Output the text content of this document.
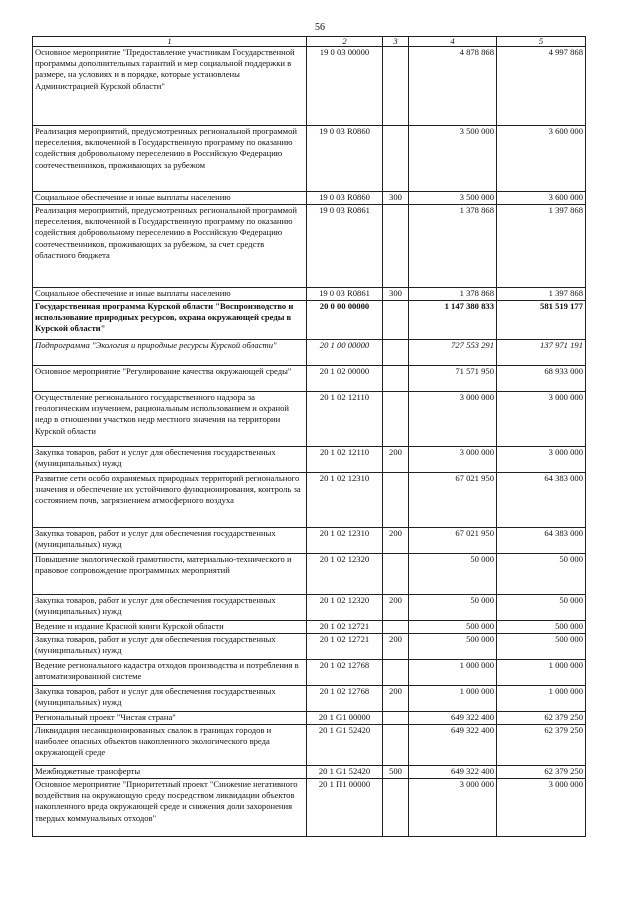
56
1	2	3	4	5
Основное мероприятие "Предоставление участникам Государственной программы дополнительных гарантий и мер социальной поддержки в размере, на условиях и в порядке, которые установлены Администрацией Курской области"	19 0 03 00000		4 878 868	4 997 868
Реализация мероприятий, предусмотренных региональной программой переселения, включенной в Государственную программу по оказанию содействия добровольному переселению в Российскую Федерацию соотечественников, проживающих за рубежом	19 0 03 R0860		3 500 000	3 600 000
Социальное обеспечение и иные выплаты населению	19 0 03 R0860	300	3 500 000	3 600 000
Реализация мероприятий, предусмотренных региональной программой переселения, включенной в Государственную программу по оказанию содействия добровольному переселению в Российскую Федерацию соотечественников, проживающих за рубежом, за счет средств областного бюджета	19 0 03 R0861		1 378 868	1 397 868
Социальное обеспечение и иные выплаты населению	19 0 03 R0861	300	1 378 868	1 397 868
Государственная программа Курской области "Воспроизводство и использование природных ресурсов, охрана окружающей среды в Курской области"	20 0 00 00000		1 147 380 833	581 519 177
Подпрограмма "Экология и природные ресурсы Курской области"	20 1 00 00000		727 553 291	137 971 191
Основное мероприятие "Регулирование качества окружающей среды"	20 1 02 00000		71 571 950	68 933 000
Осуществление регионального государственного надзора за геологическим изучением, рациональным использованием и охраной недр в отношении участков недр местного значения на территории Курской области	20 1 02 12110		3 000 000	3 000 000
Закупка товаров, работ и услуг для обеспечения государственных (муниципальных) нужд	20 1 02 12110	200	3 000 000	3 000 000
Развитие сети особо охраняемых природных территорий регионального значения и обеспечение их устойчивого функционирования, контроль за состоянием почв, загрязнением атмосферного воздуха	20 1 02 12310		67 021 950	64 383 000
Закупка товаров, работ и услуг для обеспечения государственных (муниципальных) нужд	20 1 02 12310	200	67 021 950	64 383 000
Повышение экологической грамотности, материально-технического и правовое сопровождение программных мероприятий	20 1 02 12320		50 000	50 000
Закупка товаров, работ и услуг для обеспечения государственных (муниципальных) нужд	20 1 02 12320	200	50 000	50 000
Ведение и издание Красной книги Курской области	20 1 02 12721		500 000	500 000
Закупка товаров, работ и услуг для обеспечения государственных (муниципальных) нужд	20 1 02 12721	200	500 000	500 000
Ведение регионального кадастра отходов производства и потребления в автоматизированной системе	20 1 02 12768		1 000 000	1 000 000
Закупка товаров, работ и услуг для обеспечения государственных (муниципальных) нужд	20 1 02 12768	200	1 000 000	1 000 000
Региональный проект "Чистая страна"	20 1 G1 00000		649 322 400	62 379 250
Ликвидация несанкционированных свалок в границах городов и наиболее опасных объектов накопленного экологического вреда окружающей среде	20 1 G1 52420		649 322 400	62 379 250
Межбюджетные трансферты	20 1 G1 52420	500	649 322 400	62 379 250
Основное мероприятие "Приоритетный проект "Снижение негативного воздействия на окружающую среду посредством ликвидации объектов накопленного вреда окружающей среде и снижения доли захоронения твердых коммунальных отходов"	20 1 П1 00000		3 000 000	3 000 000
